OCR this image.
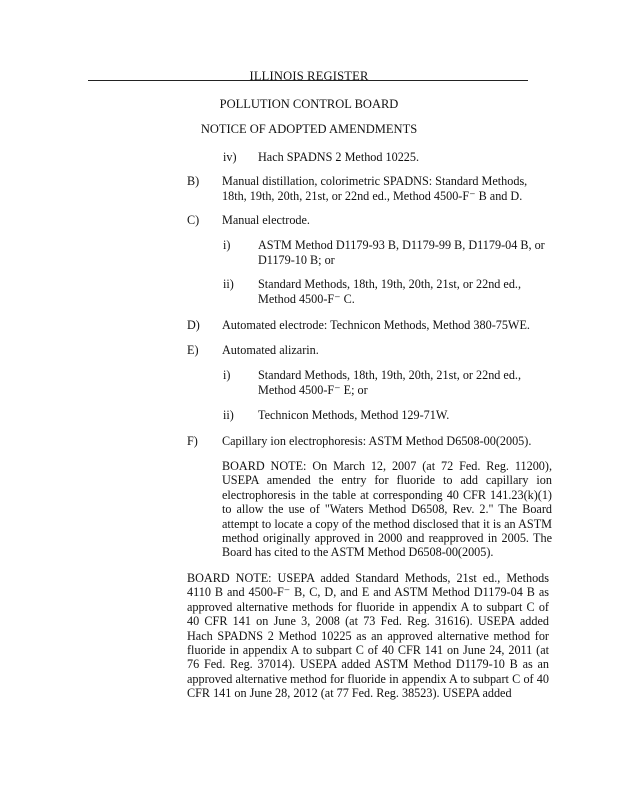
ILLINOIS REGISTER
POLLUTION CONTROL BOARD
NOTICE OF ADOPTED AMENDMENTS
iv) Hach SPADNS 2 Method 10225.

B) Manual distillation, colorimetric SPADNS: Standard Methods, 18th, 19th, 20th, 21st, or 22nd ed., Method 4500-F⁻ B and D.

C) Manual electrode.

i) ASTM Method D1179-93 B, D1179-99 B, D1179-04 B, or D1179-10 B; or

ii) Standard Methods, 18th, 19th, 20th, 21st, or 22nd ed., Method 4500-F⁻ C.

D) Automated electrode: Technicon Methods, Method 380-75WE.

E) Automated alizarin.

i) Standard Methods, 18th, 19th, 20th, 21st, or 22nd ed., Method 4500-F⁻ E; or

ii) Technicon Methods, Method 129-71W.

F) Capillary ion electrophoresis: ASTM Method D6508-00(2005).

BOARD NOTE: On March 12, 2007 (at 72 Fed. Reg. 11200), USEPA amended the entry for fluoride to add capillary ion electrophoresis in the table at corresponding 40 CFR 141.23(k)(1) to allow the use of "Waters Method D6508, Rev. 2." The Board attempt to locate a copy of the method disclosed that it is an ASTM method originally approved in 2000 and reapproved in 2005. The Board has cited to the ASTM Method D6508-00(2005).

BOARD NOTE: USEPA added Standard Methods, 21st ed., Methods 4110 B and 4500-F⁻ B, C, D, and E and ASTM Method D1179-04 B as approved alternative methods for fluoride in appendix A to subpart C of 40 CFR 141 on June 3, 2008 (at 73 Fed. Reg. 31616). USEPA added Hach SPADNS 2 Method 10225 as an approved alternative method for fluoride in appendix A to subpart C of 40 CFR 141 on June 24, 2011 (at 76 Fed. Reg. 37014). USEPA added ASTM Method D1179-10 B as an approved alternative method for fluoride in appendix A to subpart C of 40 CFR 141 on June 28, 2012 (at 77 Fed. Reg. 38523). USEPA added
